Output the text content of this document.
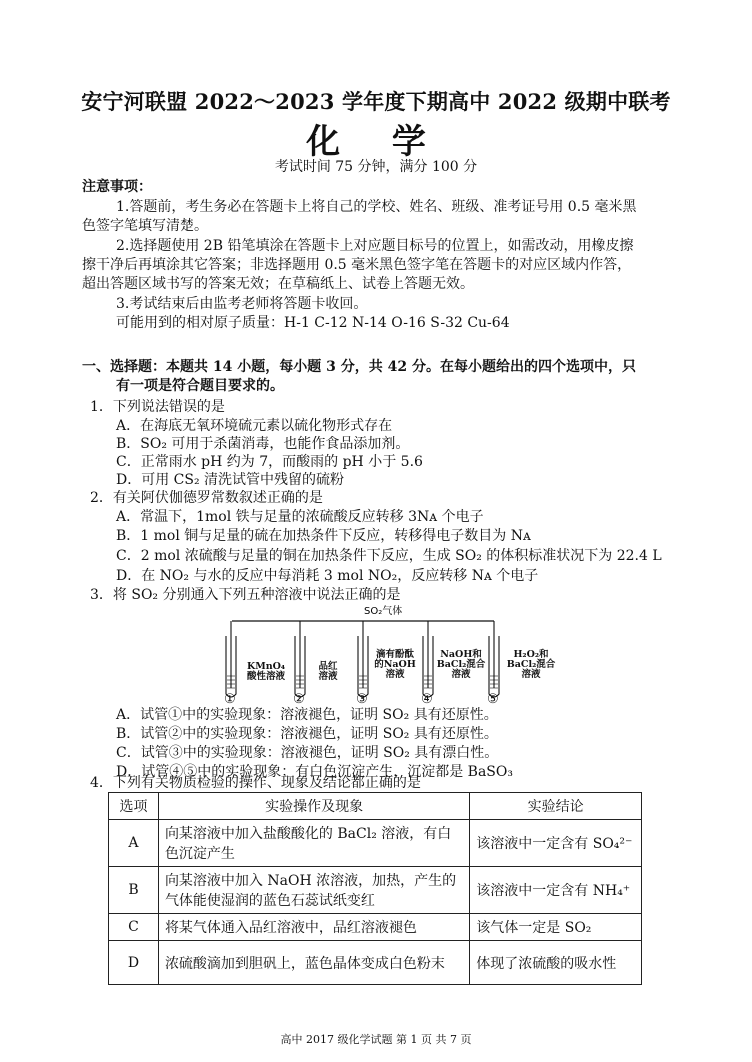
安宁河联盟 2022～2023 学年度下期高中 2022 级期中联考
化 学
考试时间 75 分钟，满分 100 分
注意事项：
1.答题前，考生务必在答题卡上将自己的学校、姓名、班级、准考证号用 0.5 毫米黑
色签字笔填写清楚。
2.选择题使用 2B 铅笔填涂在答题卡上对应题目标号的位置上，如需改动，用橡皮擦
擦干净后再填涂其它答案；非选择题用 0.5 毫米黑色签字笔在答题卡的对应区域内作答，
超出答题区域书写的答案无效；在草稿纸上、试卷上答题无效。
3.考试结束后由监考老师将答题卡收回。
可能用到的相对原子质量：H-1 C-12 N-14 O-16 S-32 Cu-64
一、选择题：本题共 14 小题，每小题 3 分，共 42 分。在每小题给出的四个选项中，只
有一项是符合题目要求的。
1．下列说法错误的是
A．在海底无氧环境硫元素以硫化物形式存在
B．SO₂ 可用于杀菌消毒，也能作食品添加剂。
C．正常雨水 pH 约为 7，而酸雨的 pH 小于 5.6
D．可用 CS₂ 清洗试管中残留的硫粉
2．有关阿伏伽德罗常数叙述正确的是
A．常温下，1mol 铁与足量的浓硫酸反应转移 3Nᴀ 个电子
B．1 mol 铜与足量的硫在加热条件下反应，转移得电子数目为 Nᴀ
C．2 mol 浓硫酸与足量的铜在加热条件下反应，生成 SO₂ 的体积标准状况下为 22.4 L
D．在 NO₂ 与水的反应中每消耗 3 mol NO₂，反应转移 Nᴀ 个电子
3．将 SO₂ 分别通入下列五种溶液中说法正确的是
SO₂气体
KMnO₄
酸性溶液
品红
溶液
滴有酚酞
的NaOH
溶液
NaOH和
BaCl₂混合
溶液
H₂O₂和
BaCl₂混合
溶液
①	②	③	④	⑤
A．试管①中的实验现象：溶液褪色，证明 SO₂ 具有还原性。
B．试管②中的实验现象：溶液褪色，证明 SO₂ 具有还原性。
C．试管③中的实验现象：溶液褪色，证明 SO₂ 具有漂白性。
D．试管④⑤中的实验现象：有白色沉淀产生，沉淀都是 BaSO₃
4．下列有关物质检验的操作、现象及结论都正确的是
选项	实验操作及现象	实验结论
A	向某溶液中加入盐酸酸化的 BaCl₂ 溶液，有白色沉淀产生	该溶液中一定含有 SO₄²⁻
B	向某溶液中加入 NaOH 浓溶液，加热，产生的气体能使湿润的蓝色石蕊试纸变红	该溶液中一定含有 NH₄⁺
C	将某气体通入品红溶液中，品红溶液褪色	该气体一定是 SO₂
D	浓硫酸滴加到胆矾上，蓝色晶体变成白色粉末	体现了浓硫酸的吸水性
高中 2017 级化学试题 第 1 页 共 7 页
